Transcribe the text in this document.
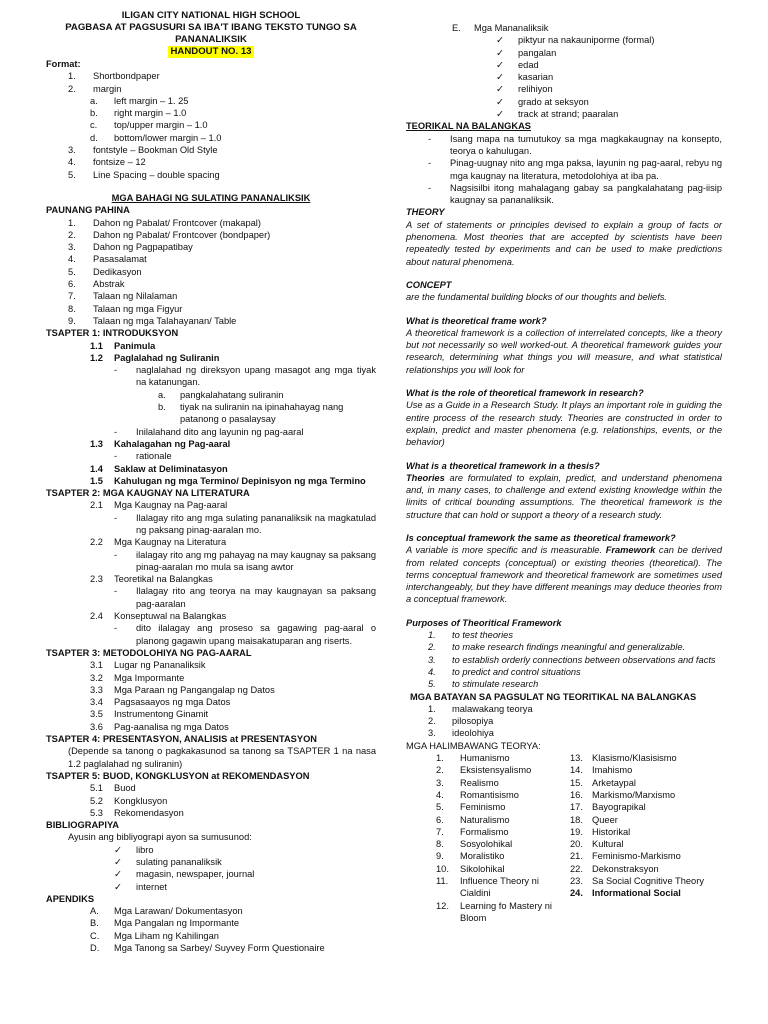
ILIGAN CITY NATIONAL HIGH SCHOOL
PAGBASA AT PAGSUSURI SA IBA'T IBANG TEKSTO TUNGO SA
PANANALIKSIK
HANDOUT NO. 13
Format:
1.	Shortbondpaper
2.	margin
a.	left margin – 1. 25
b.	right margin – 1.0
c.	top/upper margin – 1.0
d.	bottom/lower margin – 1.0
3.	fontstyle – Bookman Old Style
4.	fontsize – 12
5.	Line Spacing – double spacing
MGA BAHAGI NG SULATING PANANALIKSIK
PAUNANG PAHINA
1.	Dahon ng Pabalat/ Frontcover (makapal)
2.	Dahon ng Pabalat/ Frontcover (bondpaper)
3.	Dahon ng Pagpapatibay
4.	Pasasalamat
5.	Dedikasyon
6.	Abstrak
7.	Talaan ng Nilalaman
8.	Talaan ng mga Figyur
9.	Talaan ng mga Talahayanan/ Table
TSAPTER 1: INTRODUKSYON
1.1	Panimula
1.2	Paglalahad ng Suliranin
-	naglalahad ng direksyon upang masagot ang mga tiyak na katanungan.
a.	pangkalahatang suliranin
b.	tiyak na suliranin na ipinahahayag nang patanong o pasalaysay
-	Inilalahand dito ang layunin ng pag-aaral
1.3	Kahalagahan ng Pag-aaral
-	rationale
1.4	Saklaw at Deliminatasyon
1.5	Kahulugan ng mga Termino/ Depinisyon ng mga Termino
TSAPTER 2: MGA KAUGNAY NA LITERATURA
2.1	Mga Kaugnay na Pag-aaral
-	Ilalagay rito ang mga sulating pananaliksik na magkatulad ng paksang pinag-aaralan mo.
2.2	Mga Kaugnay na Literatura
-	ilalagay rito ang mg pahayag na may kaugnay sa paksang pinag-aaralan mo mula sa isang awtor
2.3	Teoretikal na Balangkas
-	Ilalagay rito ang teorya na may kaugnayan sa paksang pag-aaralan
2.4	Konseptuwal na Balangkas
-	dito ilalagay ang proseso sa gagawing pag-aaral o planong gagawin upang maisakatuparan ang riserts.
TSAPTER 3: METODOLOHIYA NG PAG-AARAL
3.1	Lugar ng Pananaliksik
3.2	Mga Impormante
3.3	Mga Paraan ng Pangangalap ng Datos
3.4	Pagsasaayos ng mga Datos
3.5	Instrumentong Ginamit
3.6	Pag-aanalisa ng mga Datos
TSAPTER 4: PRESENTASYON, ANALISIS at PRESENTASYON
(Depende sa tanong o pagkakasunod sa tanong sa TSAPTER 1 na nasa 1.2 paglalahad ng suliranin)
TSAPTER 5: BUOD, KONGKLUSYON at REKOMENDASYON
5.1	Buod
5.2	Kongklusyon
5.3	Rekomendasyon
BIBLIOGRAPIYA
Ayusin ang bibliyograpi ayon sa sumusunod:
✓	libro
✓	sulating pananaliksik
✓	magasin, newspaper, journal
✓	internet
APENDIKS
A.	Mga Larawan/ Dokumentasyon
B.	Mga Pangalan ng Impormante
C.	Mga Liham ng Kahilingan
D.	Mga Tanong sa Sarbey/ Suyvey Form Questionaire
E.	Mga Mananaliksik
✓	piktyur na nakauniporme (formal)
✓	pangalan
✓	edad
✓	kasarian
✓	relihiyon
✓	grado at seksyon
✓	track at strand; paaralan
TEORIKAL NA BALANGKAS
-	Isang mapa na tumutukoy sa mga magkakaugnay na konsepto, teorya o kahulugan.
-	Pinag-uugnay nito ang mga paksa, layunin ng pag-aaral, rebyu ng mga kaugnay na literatura, metodolohiya at iba pa.
-	Nagsisilbi itong mahalagang gabay sa pangkalahatang pag-iisip kaugnay sa pananaliksik.
THEORY
A set of statements or principles devised to explain a group of facts or phenomena. Most theories that are accepted by scientists have been repeatedly tested by experiments and can be used to make predictions about natural phenomena.
CONCEPT
are the fundamental building blocks of our thoughts and beliefs.
What is theoretical frame work?
A theoretical framework is a collection of interrelated concepts, like a theory but not necessarily so well worked-out. A theoretical framework guides your research, determining what things you will measure, and what statistical relationships you will look for
What is the role of theoretical framework in research?
Use as a Guide in a Research Study. It plays an important role in guiding the entire process of the research study. Theories are constructed in order to explain, predict and master phenomena (e.g. relationships, events, or the behavior)
What is a theoretical framework in a thesis?
Theories are formulated to explain, predict, and understand phenomena and, in many cases, to challenge and extend existing knowledge within the limits of critical bounding assumptions. The theoretical framework is the structure that can hold or support a theory of a research study.
Is conceptual framework the same as theoretical framework?
A variable is more specific and is measurable. Framework can be derived from related concepts (conceptual) or existing theories (theoretical). The terms conceptual framework and theoretical framework are sometimes used interchangeably, but they have different meanings may deduce theories from a conceptual framework.
Purposes of Theoritical Framework
1.	to test theories
2.	to make research findings meaningful and generalizable.
3.	to establish orderly connections between observations and facts
4.	to predict and control situations
5.	to stimulate research
MGA BATAYAN SA PAGSULAT NG TEORITIKAL NA BALANGKAS
1.	malawakang teorya
2.	pilosopiya
3.	ideolohiya
MGA HALIMBAWANG TEORYA:
1.	Humanismo
2.	Eksistensyalismo
3.	Realismo
4.	Romantisismo
5.	Feminismo
6.	Naturalismo
7.	Formalismo
8.	Sosyolohikal
9.	Moralistiko
10.	Sikolohikal
11.	Influence Theory ni Cialdini
12.	Learning fo Mastery ni Bloom
13. Klasismo/Klasisismo
14. Imahismo
15. Arketaypal
16. Markismo/Marxismo
17. Bayograpikal
18. Queer
19. Historikal
20. Kultural
21. Feminismo-Markismo
22. Dekonstraksyon
23. Sa Social Cognitive Theory
24. Informational Social
